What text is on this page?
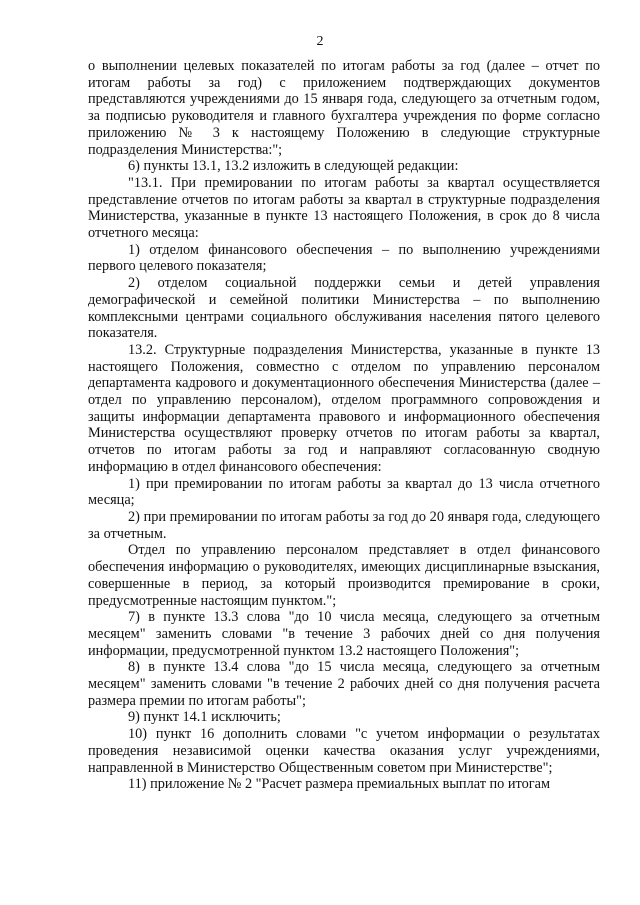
2

о выполнении целевых показателей по итогам работы за год (далее – отчет по итогам работы за год) с приложением подтверждающих документов представляются учреждениями до 15 января года, следующего за отчетным годом, за подписью руководителя и главного бухгалтера учреждения по форме согласно приложению № 3 к настоящему Положению в следующие структурные подразделения Министерства:";

6) пункты 13.1, 13.2 изложить в следующей редакции:

"13.1. При премировании по итогам работы за квартал осуществляется представление отчетов по итогам работы за квартал в структурные подразделения Министерства, указанные в пункте 13 настоящего Положения, в срок до 8 числа отчетного месяца:

1) отделом финансового обеспечения – по выполнению учреждениями первого целевого показателя;

2) отделом социальной поддержки семьи и детей управления демографической и семейной политики Министерства – по выполнению комплексными центрами социального обслуживания населения пятого целевого показателя.

13.2. Структурные подразделения Министерства, указанные в пункте 13 настоящего Положения, совместно с отделом по управлению персоналом департамента кадрового и документационного обеспечения Министерства (далее – отдел по управлению персоналом), отделом программного сопровождения и защиты информации департамента правового и информационного обеспечения Министерства осуществляют проверку отчетов по итогам работы за квартал, отчетов по итогам работы за год и направляют согласованную сводную информацию в отдел финансового обеспечения:

1) при премировании по итогам работы за квартал до 13 числа отчетного месяца;

2) при премировании по итогам работы за год до 20 января года, следующего за отчетным.

Отдел по управлению персоналом представляет в отдел финансового обеспечения информацию о руководителях, имеющих дисциплинарные взыскания, совершенные в период, за который производится премирование в сроки, предусмотренные настоящим пунктом.";

7) в пункте 13.3 слова "до 10 числа месяца, следующего за отчетным месяцем" заменить словами "в течение 3 рабочих дней со дня получения информации, предусмотренной пунктом 13.2 настоящего Положения";

8) в пункте 13.4 слова "до 15 числа месяца, следующего за отчетным месяцем" заменить словами "в течение 2 рабочих дней со дня получения расчета размера премии по итогам работы";

9) пункт 14.1 исключить;

10) пункт 16 дополнить словами "с учетом информации о результатах проведения независимой оценки качества оказания услуг учреждениями, направленной в Министерство Общественным советом при Министерстве";

11) приложение № 2 "Расчет размера премиальных выплат по итогам
